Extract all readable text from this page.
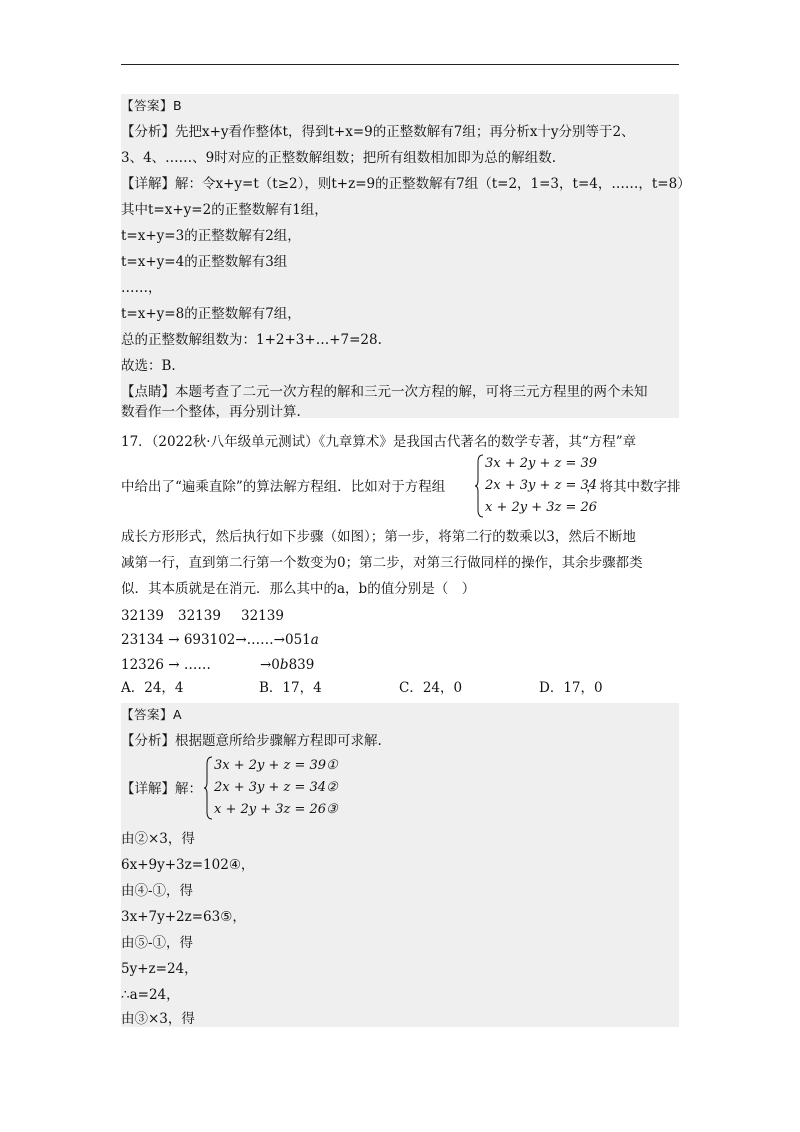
【答案】B
【分析】先把x+y看作整体t，得到t+x=9的正整数解有7组；再分析x十y分别等于2、
3、4、……、9时对应的正整数解组数；把所有组数相加即为总的解组数.
【详解】解：令x+y=t（t≥2），则t+z=9的正整数解有7组（t=2，1=3，t=4，……，t=8）
其中t=x+y=2的正整数解有1组，
t=x+y=3的正整数解有2组，
t=x+y=4的正整数解有3组
……，
t=x+y=8的正整数解有7组，
总的正整数解组数为：1+2+3+…+7=28.
故选：B.
【点睛】本题考查了二元一次方程的解和三元一次方程的解，可将三元方程里的两个未知
数看作一个整体，再分别计算.
17．（2022秋·八年级单元测试）《九章算术》是我国古代著名的数学专著，其“方程”章
中给出了“遍乘直除”的算法解方程组．比如对于方程组
3x + 2y + z = 39
2x + 3y + z = 34
x + 2y + 3z = 26
，将其中数字排
成长方形形式，然后执行如下步骤（如图）；第一步，将第二行的数乘以3，然后不断地
减第一行，直到第二行第一个数变为0；第二步，对第三行做同样的操作，其余步骤都类
似．其本质就是在消元．那么其中的a，b的值分别是（　）
32139 32139 32139
23134 → 693102→……→051a
12326 → ……	→0b839
A．24，4	B．17，4	C．24，0	D．17，0
【答案】A
【分析】根据题意所给步骤解方程即可求解.
【详解】解：
3x + 2y + z = 39①
2x + 3y + z = 34②
x + 2y + 3z = 26③
由②×3，得
6x+9y+3z=102④，
由④-①，得
3x+7y+2z=63⑤，
由⑤-①，得
5y+z=24，
∴a=24，
由③×3，得
